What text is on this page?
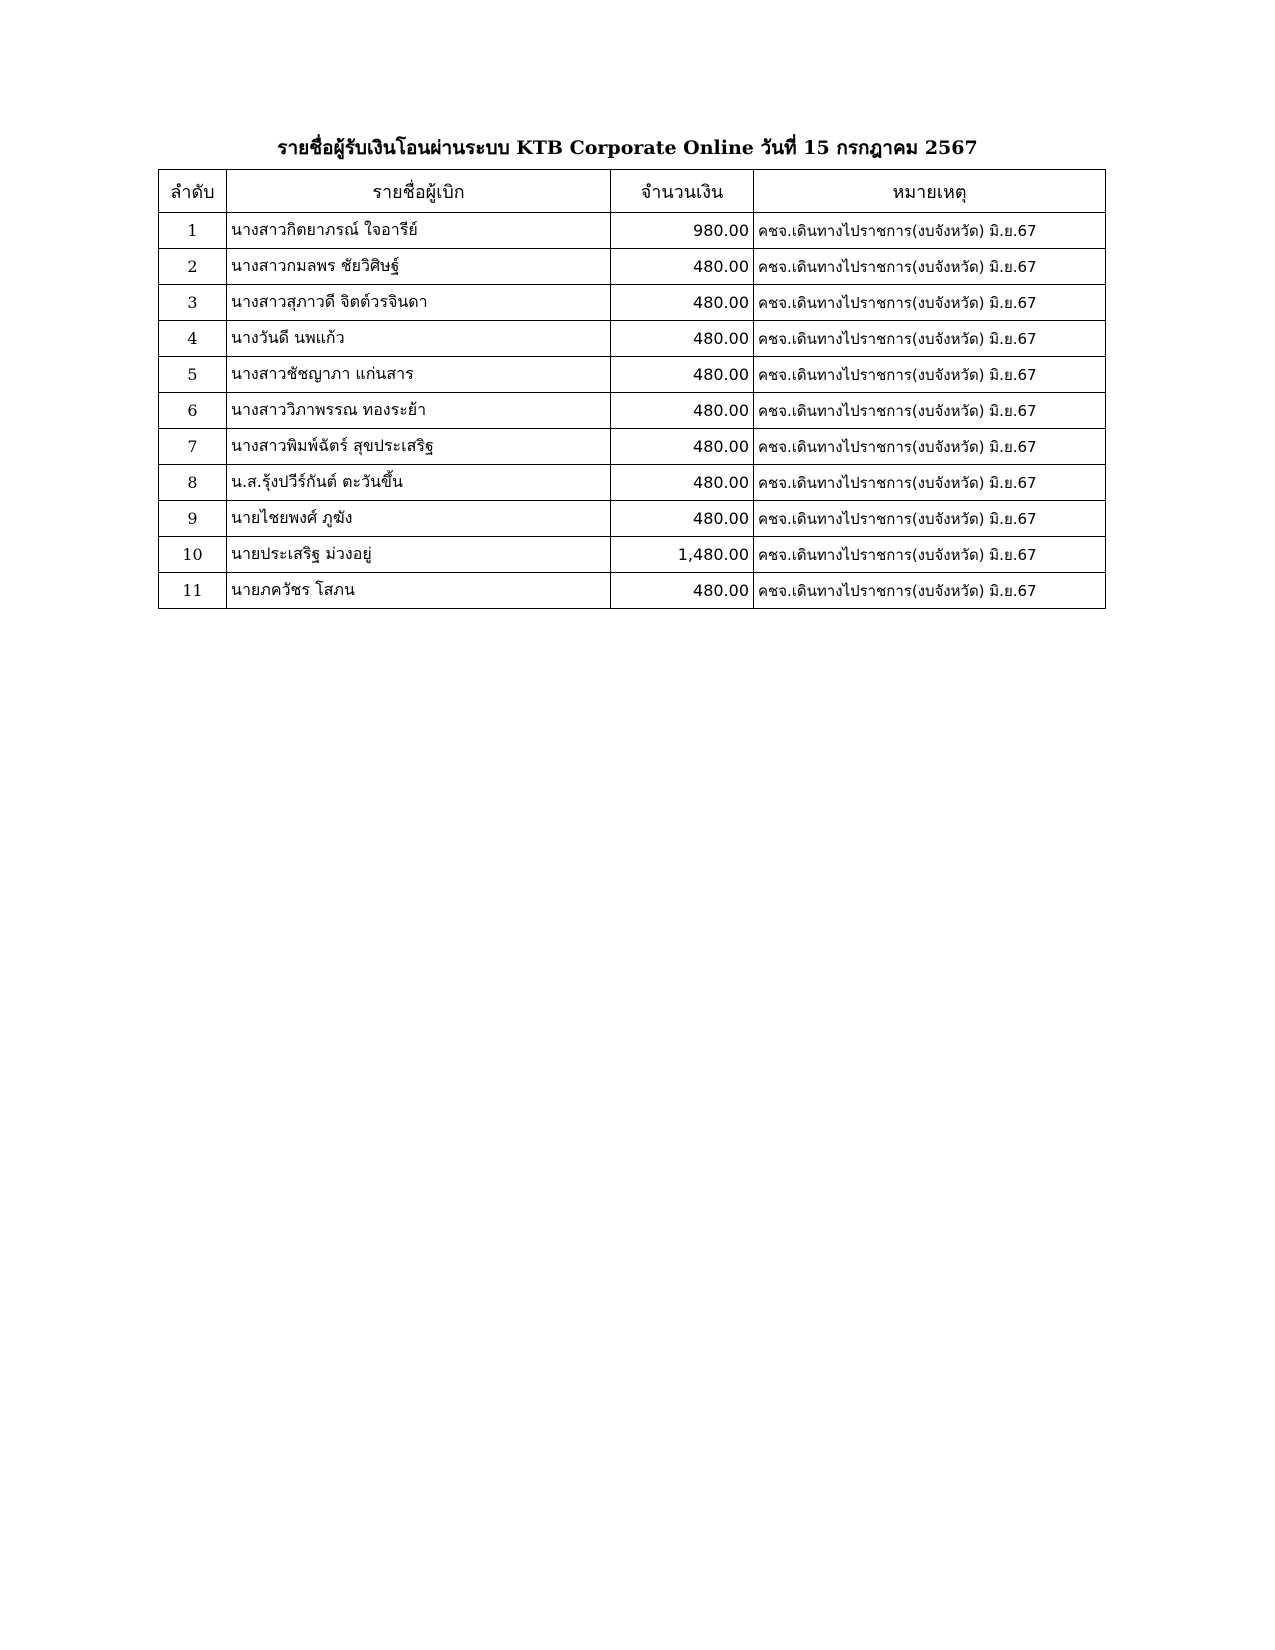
รายชื่อผู้รับเงินโอนผ่านระบบ KTB Corporate Online วันที่ 15 กรกฎาคม 2567
ลำดับ	รายชื่อผู้เบิก	จำนวนเงิน	หมายเหตุ
1	นางสาวกิตยาภรณ์ ใจอารีย์	980.00	คชจ.เดินทางไปราชการ(งบจังหวัด) มิ.ย.67
2	นางสาวกมลพร ชัยวิศิษฐ์	480.00	คชจ.เดินทางไปราชการ(งบจังหวัด) มิ.ย.67
3	นางสาวสุภาวดี จิตต์วรจินดา	480.00	คชจ.เดินทางไปราชการ(งบจังหวัด) มิ.ย.67
4	นางวันดี นพแก้ว	480.00	คชจ.เดินทางไปราชการ(งบจังหวัด) มิ.ย.67
5	นางสาวชัชญาภา แก่นสาร	480.00	คชจ.เดินทางไปราชการ(งบจังหวัด) มิ.ย.67
6	นางสาววิภาพรรณ ทองระย้า	480.00	คชจ.เดินทางไปราชการ(งบจังหวัด) มิ.ย.67
7	นางสาวพิมพ์ฉัตร์ สุขประเสริฐ	480.00	คชจ.เดินทางไปราชการ(งบจังหวัด) มิ.ย.67
8	น.ส.รุ้งปวีร์กันต์ ตะวันขึ้น	480.00	คชจ.เดินทางไปราชการ(งบจังหวัด) มิ.ย.67
9	นายไชยพงศ์ ภูฆัง	480.00	คชจ.เดินทางไปราชการ(งบจังหวัด) มิ.ย.67
10	นายประเสริฐ ม่วงอยู่	1,480.00	คชจ.เดินทางไปราชการ(งบจังหวัด) มิ.ย.67
11	นายภควัชร โสภน	480.00	คชจ.เดินทางไปราชการ(งบจังหวัด) มิ.ย.67
